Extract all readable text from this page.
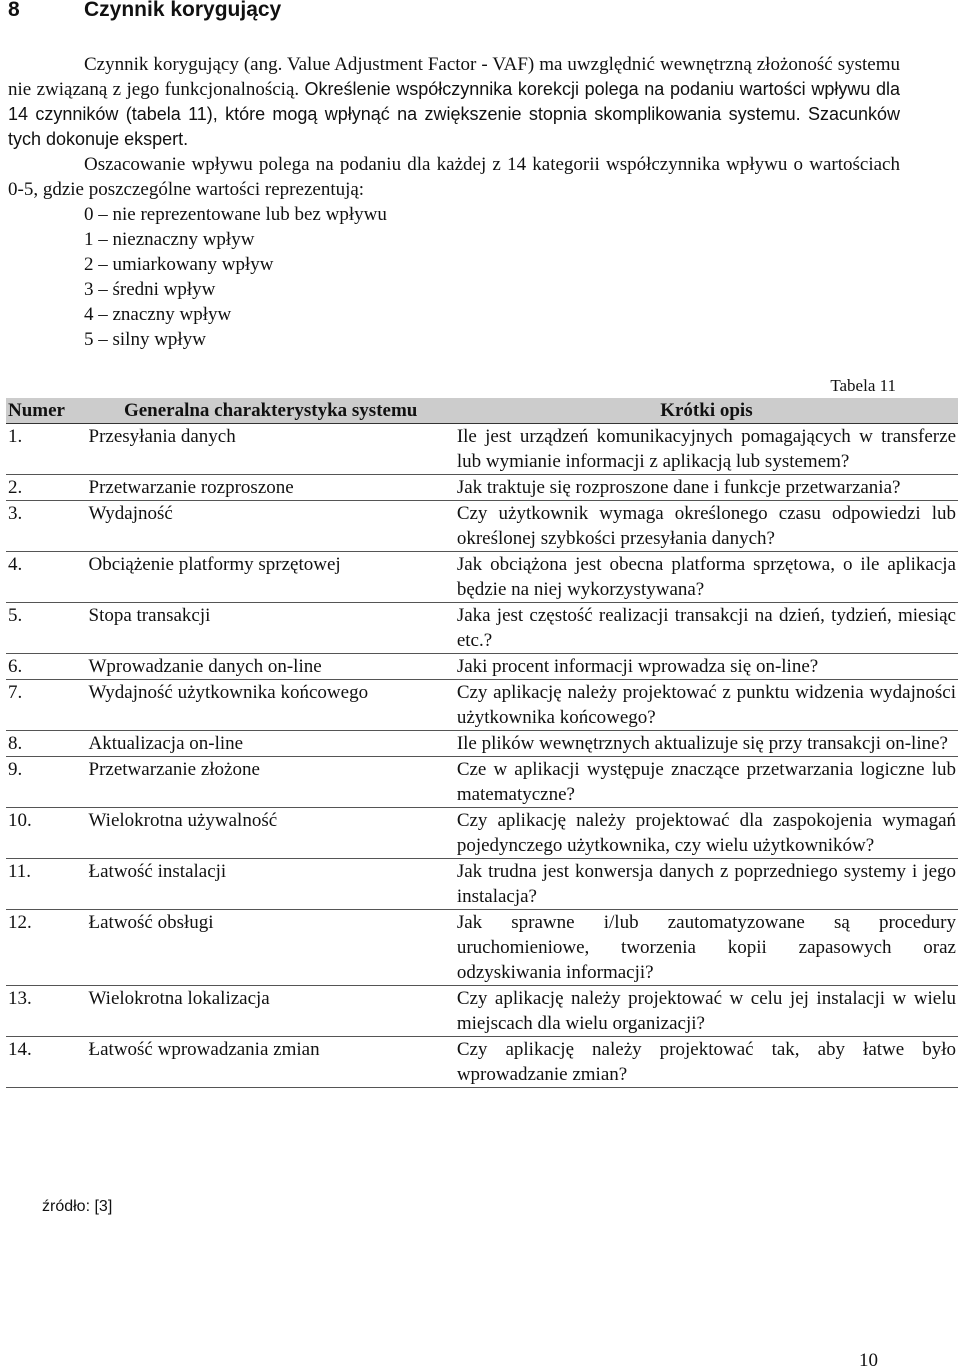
8	Czynnik korygujący

Czynnik korygujący (ang. Value Adjustment Factor - VAF) ma uwzględnić wewnętrzną złożoność systemu nie związaną z jego funkcjonalnością. Określenie współczynnika korekcji polega na podaniu wartości wpływu dla 14 czynników (tabela 11), które mogą wpłynąć na zwiększenie stopnia skomplikowania systemu. Szacunków tych dokonuje ekspert.

Oszacowanie wpływu polega na podaniu dla każdej z 14 kategorii współczynnika wpływu o wartościach 0-5, gdzie poszczególne wartości reprezentują:

0 – nie reprezentowane lub bez wpływu
1 – nieznaczny wpływ
2 – umiarkowany wpływ
3 – średni wpływ
4 – znaczny wpływ
5 – silny wpływ
Tabela 11
Numer	Generalna charakterystyka systemu	Krótki opis
1.	Przesyłania danych	Ile jest urządzeń komunikacyjnych pomagających w transferze lub wymianie informacji z aplikacją lub systemem?
2.	Przetwarzanie rozproszone	Jak traktuje się rozproszone dane i funkcje przetwarzania?
3.	Wydajność	Czy użytkownik wymaga określonego czasu odpowiedzi lub określonej szybkości przesyłania danych?
4.	Obciążenie platformy sprzętowej	Jak obciążona jest obecna platforma sprzętowa, o ile aplikacja będzie na niej wykorzystywana?
5.	Stopa transakcji	Jaka jest częstość realizacji transakcji na dzień, tydzień, miesiąc etc.?
6.	Wprowadzanie danych on-line	Jaki procent informacji wprowadza się on-line?
7.	Wydajność użytkownika końcowego	Czy aplikację należy projektować z punktu widzenia wydajności użytkownika końcowego?
8.	Aktualizacja on-line	Ile plików wewnętrznych aktualizuje się przy transakcji on-line?
9.	Przetwarzanie złożone	Cze w aplikacji występuje znaczące przetwarzania logiczne lub matematyczne?
10.	Wielokrotna używalność	Czy aplikację należy projektować dla zaspokojenia wymagań pojedynczego użytkownika, czy wielu użytkowników?
11.	Łatwość instalacji	Jak trudna jest konwersja danych z poprzedniego systemy i jego instalacja?
12.	Łatwość obsługi	Jak sprawne i/lub zautomatyzowane są procedury uruchomieniowe, tworzenia kopii zapasowych oraz odzyskiwania informacji?
13.	Wielokrotna lokalizacja	Czy aplikację należy projektować w celu jej instalacji w wielu miejscach dla wielu organizacji?
14.	Łatwość wprowadzania zmian	Czy aplikację należy projektować tak, aby łatwe było wprowadzanie zmian?
źródło: [3]
10
